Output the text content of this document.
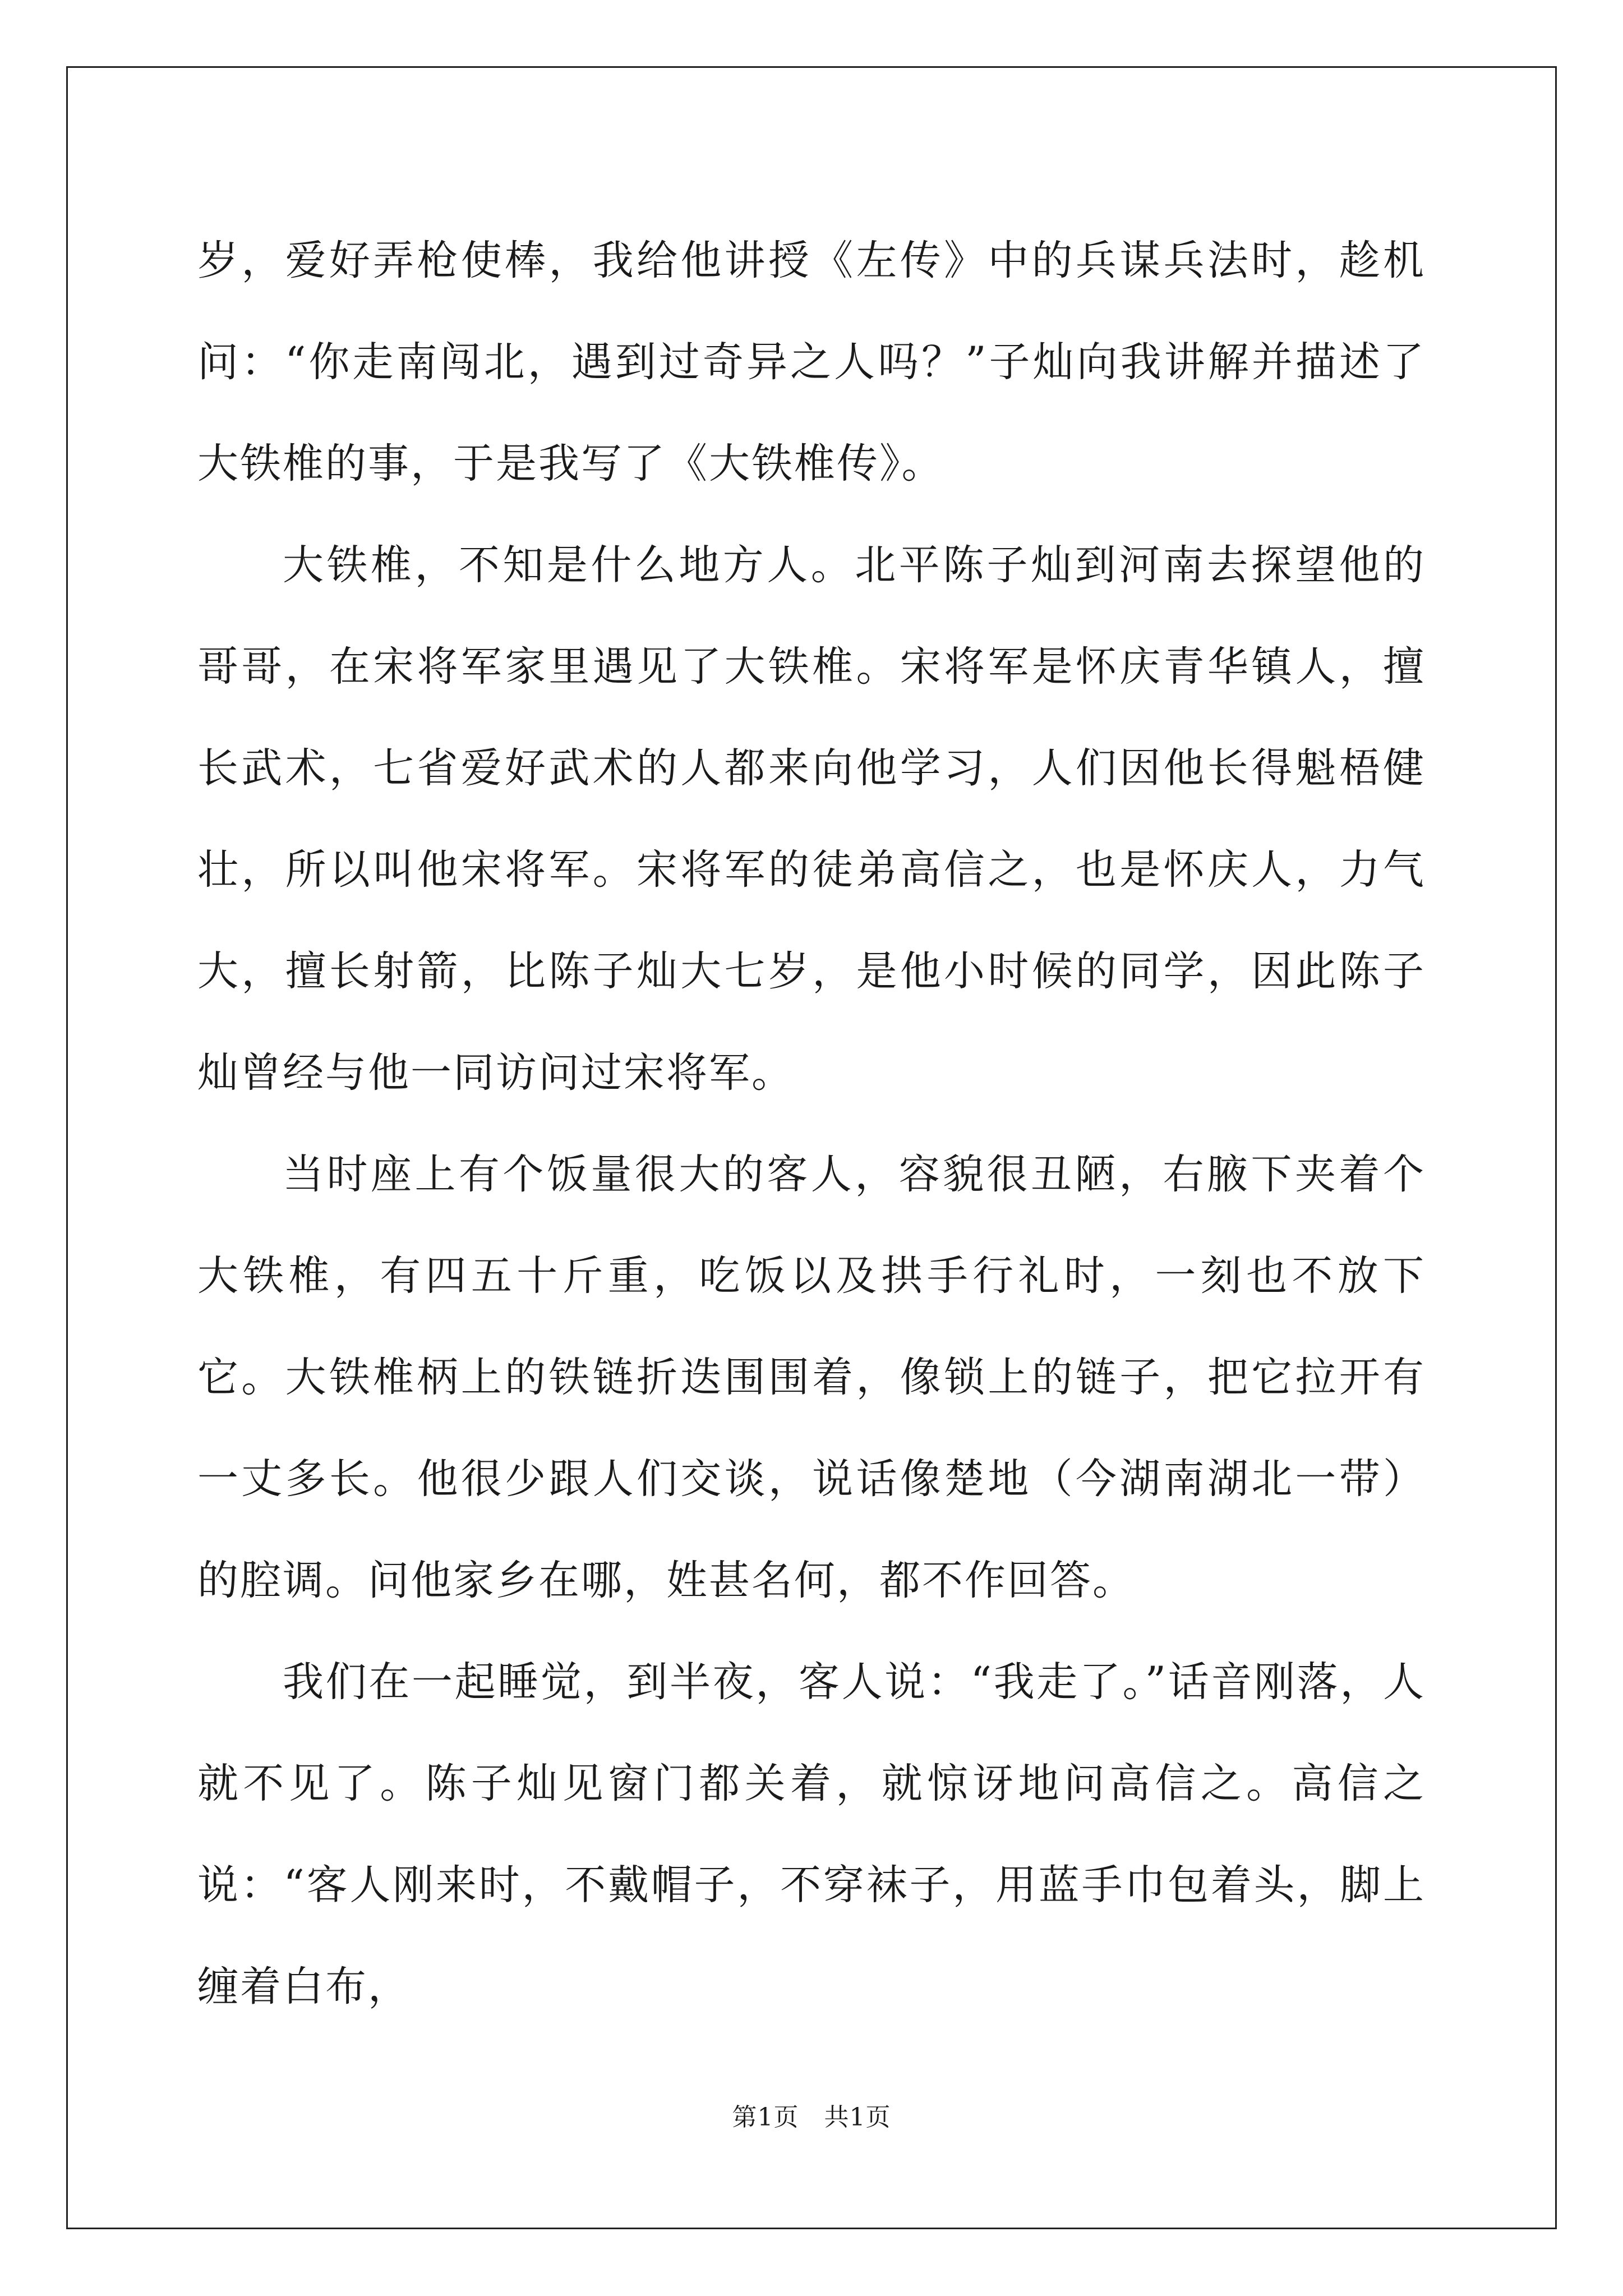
岁，爱好弄枪使棒，我给他讲授《左传》中的兵谋兵法时，趁机问：“你走南闯北，遇到过奇异之人吗？”子灿向我讲解并描述了大铁椎的事，于是我写了《大铁椎传》。

大铁椎，不知是什么地方人。北平陈子灿到河南去探望他的哥哥，在宋将军家里遇见了大铁椎。宋将军是怀庆青华镇人，擅长武术，七省爱好武术的人都来向他学习，人们因他长得魁梧健壮，所以叫他宋将军。宋将军的徒弟高信之，也是怀庆人，力气大，擅长射箭，比陈子灿大七岁，是他小时候的同学，因此陈子灿曾经与他一同访问过宋将军。

当时座上有个饭量很大的客人，容貌很丑陋，右腋下夹着个大铁椎，有四五十斤重，吃饭以及拱手行礼时，一刻也不放下它。大铁椎柄上的铁链折迭围围着，像锁上的链子，把它拉开有一丈多长。他很少跟人们交谈，说话像楚地（今湖南湖北一带）的腔调。问他家乡在哪，姓甚名何，都不作回答。

我们在一起睡觉，到半夜，客人说：“我走了。”话音刚落，人就不见了。陈子灿见窗门都关着，就惊讶地问高信之。高信之说：“客人刚来时，不戴帽子，不穿袜子，用蓝手巾包着头，脚上缠着白布，

第1页 共1页
